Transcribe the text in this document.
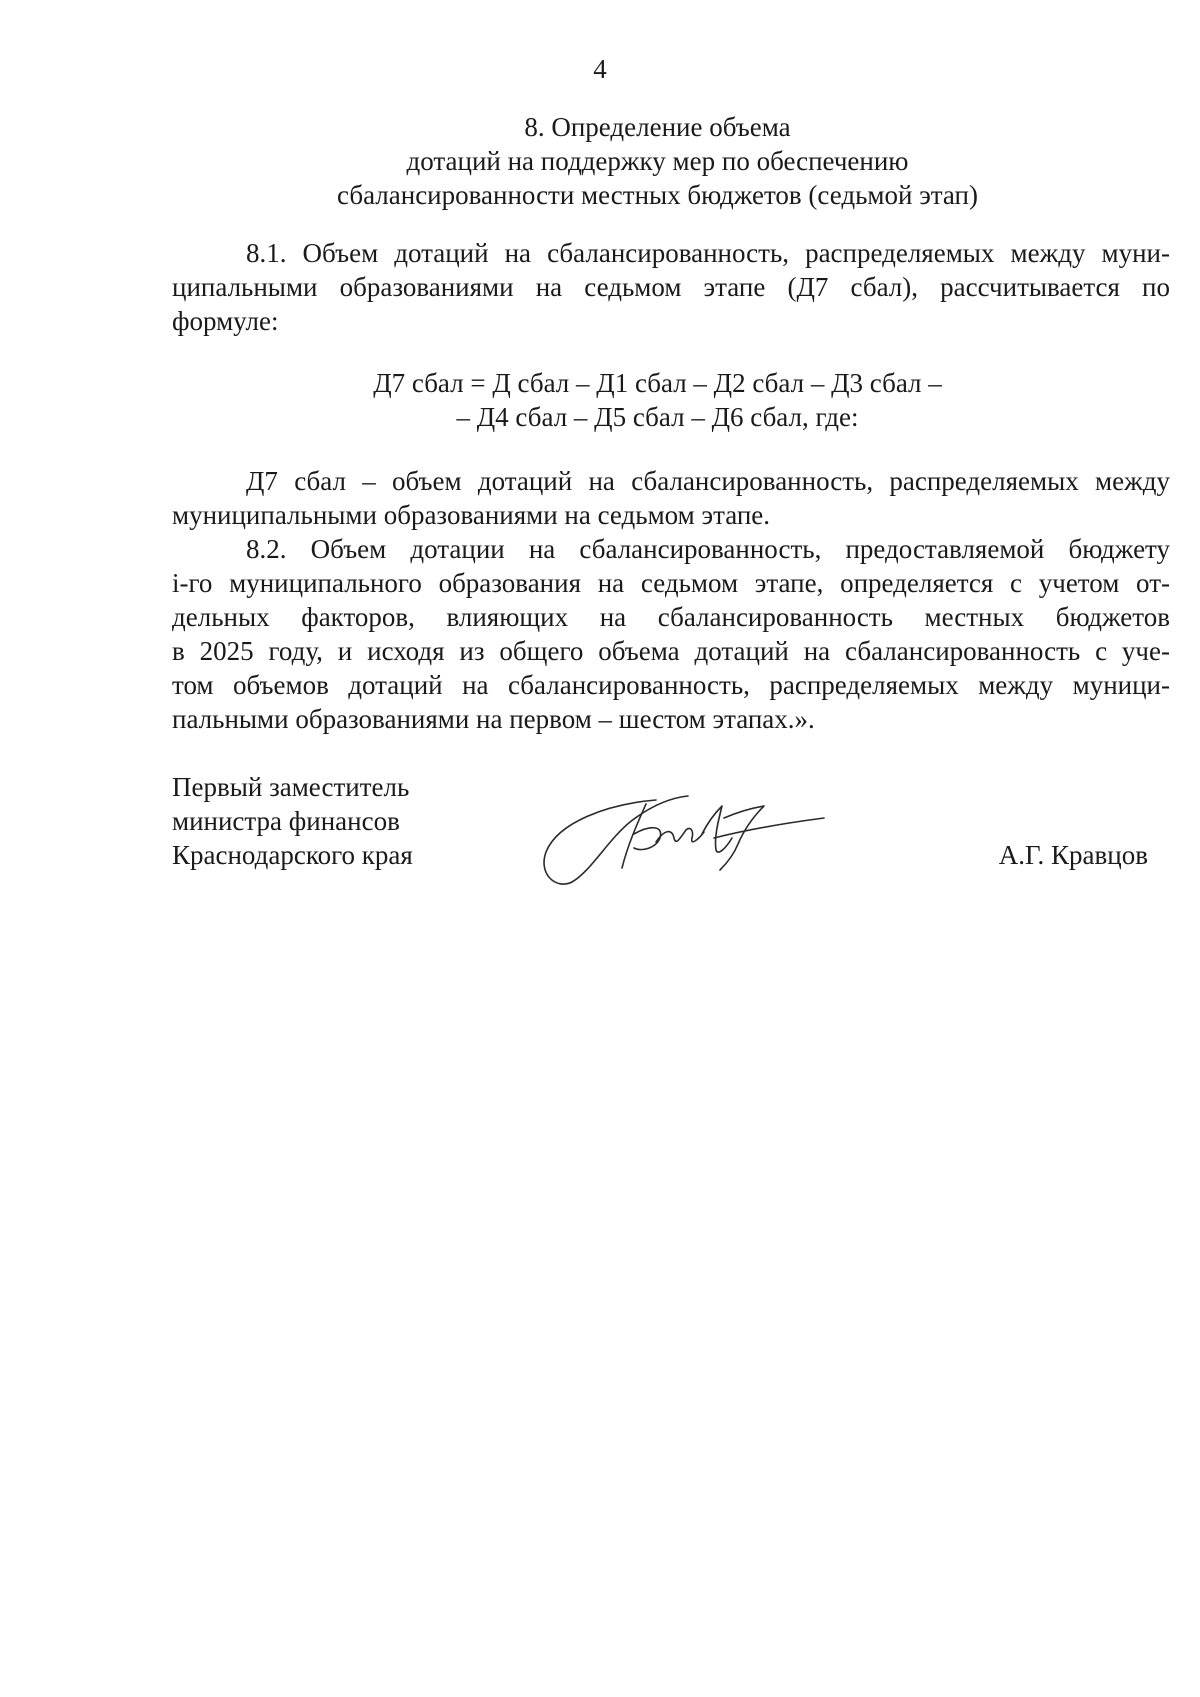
4
8. Определение объема
дотаций на поддержку мер по обеспечению
сбалансированности местных бюджетов (седьмой этап)
8.1. Объем дотаций на сбалансированность, распределяемых между муни-
ципальными образованиями на седьмом этапе (Д7 сбал), рассчитывается по
формуле:
Д7 сбал = Д сбал – Д1 сбал – Д2 сбал – Д3 сбал –
– Д4 сбал – Д5 сбал – Д6 сбал, где:
Д7 сбал – объем дотаций на сбалансированность, распределяемых между
муниципальными образованиями на седьмом этапе.
8.2. Объем дотации на сбалансированность, предоставляемой бюджету
i-го муниципального образования на седьмом этапе, определяется с учетом от-
дельных факторов, влияющих на сбалансированность местных бюджетов
в 2025 году, и исходя из общего объема дотаций на сбалансированность с уче-
том объемов дотаций на сбалансированность, распределяемых между муници-
пальными образованиями на первом – шестом этапах.».
Первый заместитель
министра финансов
Краснодарского края	А.Г. Кравцов
